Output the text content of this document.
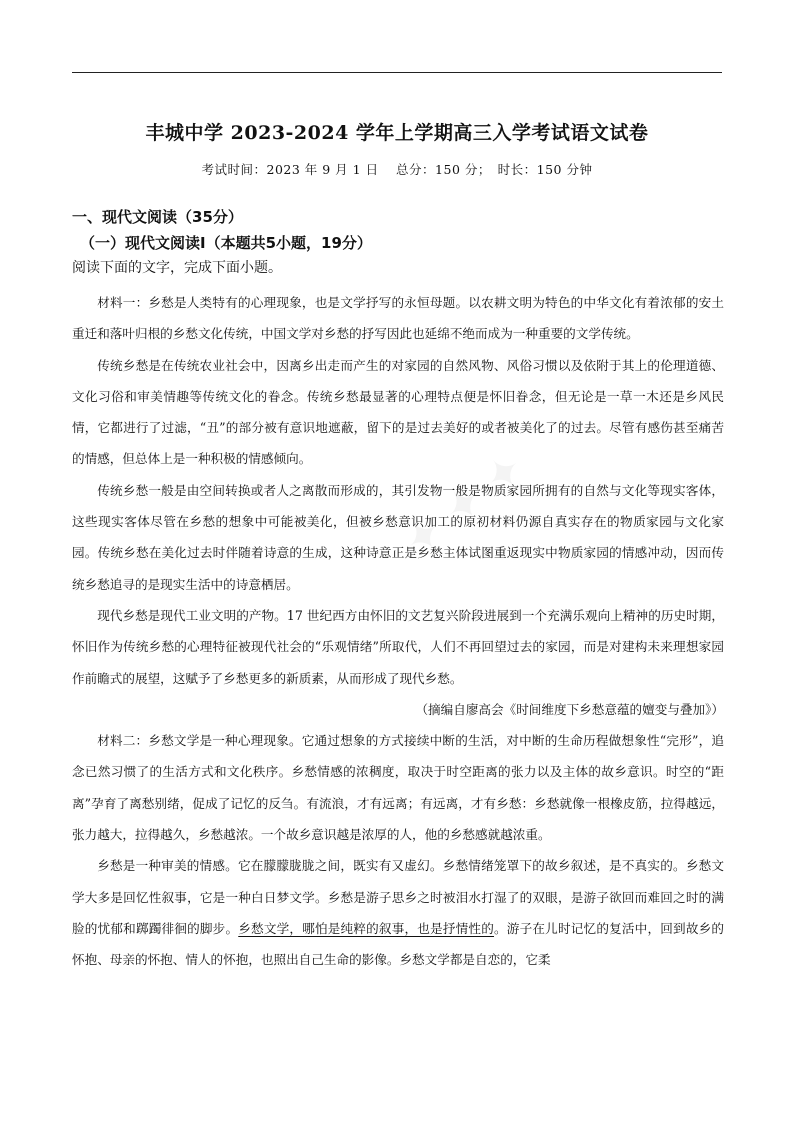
丰城中学 2023-2024 学年上学期高三入学考试语文试卷
考试时间：2023 年 9 月 1 日　 总分：150 分；　时长：150 分钟
一、现代文阅读（35分）
（一）现代文阅读Ⅰ（本题共5小题，19分）
阅读下面的文字，完成下面小题。
✦ ✦ ✦

材料一：乡愁是人类特有的心理现象，也是文学抒写的永恒母题。以农耕文明为特色的中华文化有着浓郁的安土重迁和落叶归根的乡愁文化传统，中国文学对乡愁的抒写因此也延绵不绝而成为一种重要的文学传统。

传统乡愁是在传统农业社会中，因离乡出走而产生的对家园的自然风物、风俗习惯以及依附于其上的伦理道德、文化习俗和审美情趣等传统文化的眷念。传统乡愁最显著的心理特点便是怀旧眷念，但无论是一草一木还是乡风民情，它都进行了过滤，“丑”的部分被有意识地遮蔽，留下的是过去美好的或者被美化了的过去。尽管有感伤甚至痛苦的情感，但总体上是一种积极的情感倾向。

传统乡愁一般是由空间转换或者人之离散而形成的，其引发物一般是物质家园所拥有的自然与文化等现实客体，这些现实客体尽管在乡愁的想象中可能被美化，但被乡愁意识加工的原初材料仍源自真实存在的物质家园与文化家园。传统乡愁在美化过去时伴随着诗意的生成，这种诗意正是乡愁主体试图重返现实中物质家园的情感冲动，因而传统乡愁追寻的是现实生活中的诗意栖居。

现代乡愁是现代工业文明的产物。17 世纪西方由怀旧的文艺复兴阶段进展到一个充满乐观向上精神的历史时期，怀旧作为传统乡愁的心理特征被现代社会的“乐观情绪”所取代，人们不再回望过去的家园，而是对建构未来理想家园作前瞻式的展望，这赋予了乡愁更多的新质素，从而形成了现代乡愁。

（摘编自廖高会《时间维度下乡愁意蕴的嬗变与叠加》）

材料二：乡愁文学是一种心理现象。它通过想象的方式接续中断的生活，对中断的生命历程做想象性“完形”，追念已然习惯了的生活方式和文化秩序。乡愁情感的浓稠度，取决于时空距离的张力以及主体的故乡意识。时空的“距离”孕育了离愁别绪，促成了记忆的反刍。有流浪，才有远离；有远离，才有乡愁：乡愁就像一根橡皮筋，拉得越远，张力越大，拉得越久，乡愁越浓。一个故乡意识越是浓厚的人，他的乡愁感就越浓重。

乡愁是一种审美的情感。它在朦朦胧胧之间，既实有又虚幻。乡愁情绪笼罩下的故乡叙述，是不真实的。乡愁文学大多是回忆性叙事，它是一种白日梦文学。乡愁是游子思乡之时被泪水打湿了的双眼，是游子欲回而难回之时的满脸的忧郁和踯躅徘徊的脚步。乡愁文学，哪怕是纯粹的叙事，也是抒情性的。游子在儿时记忆的复活中，回到故乡的怀抱、母亲的怀抱、情人的怀抱，也照出自己生命的影像。乡愁文学都是自恋的，它柔
